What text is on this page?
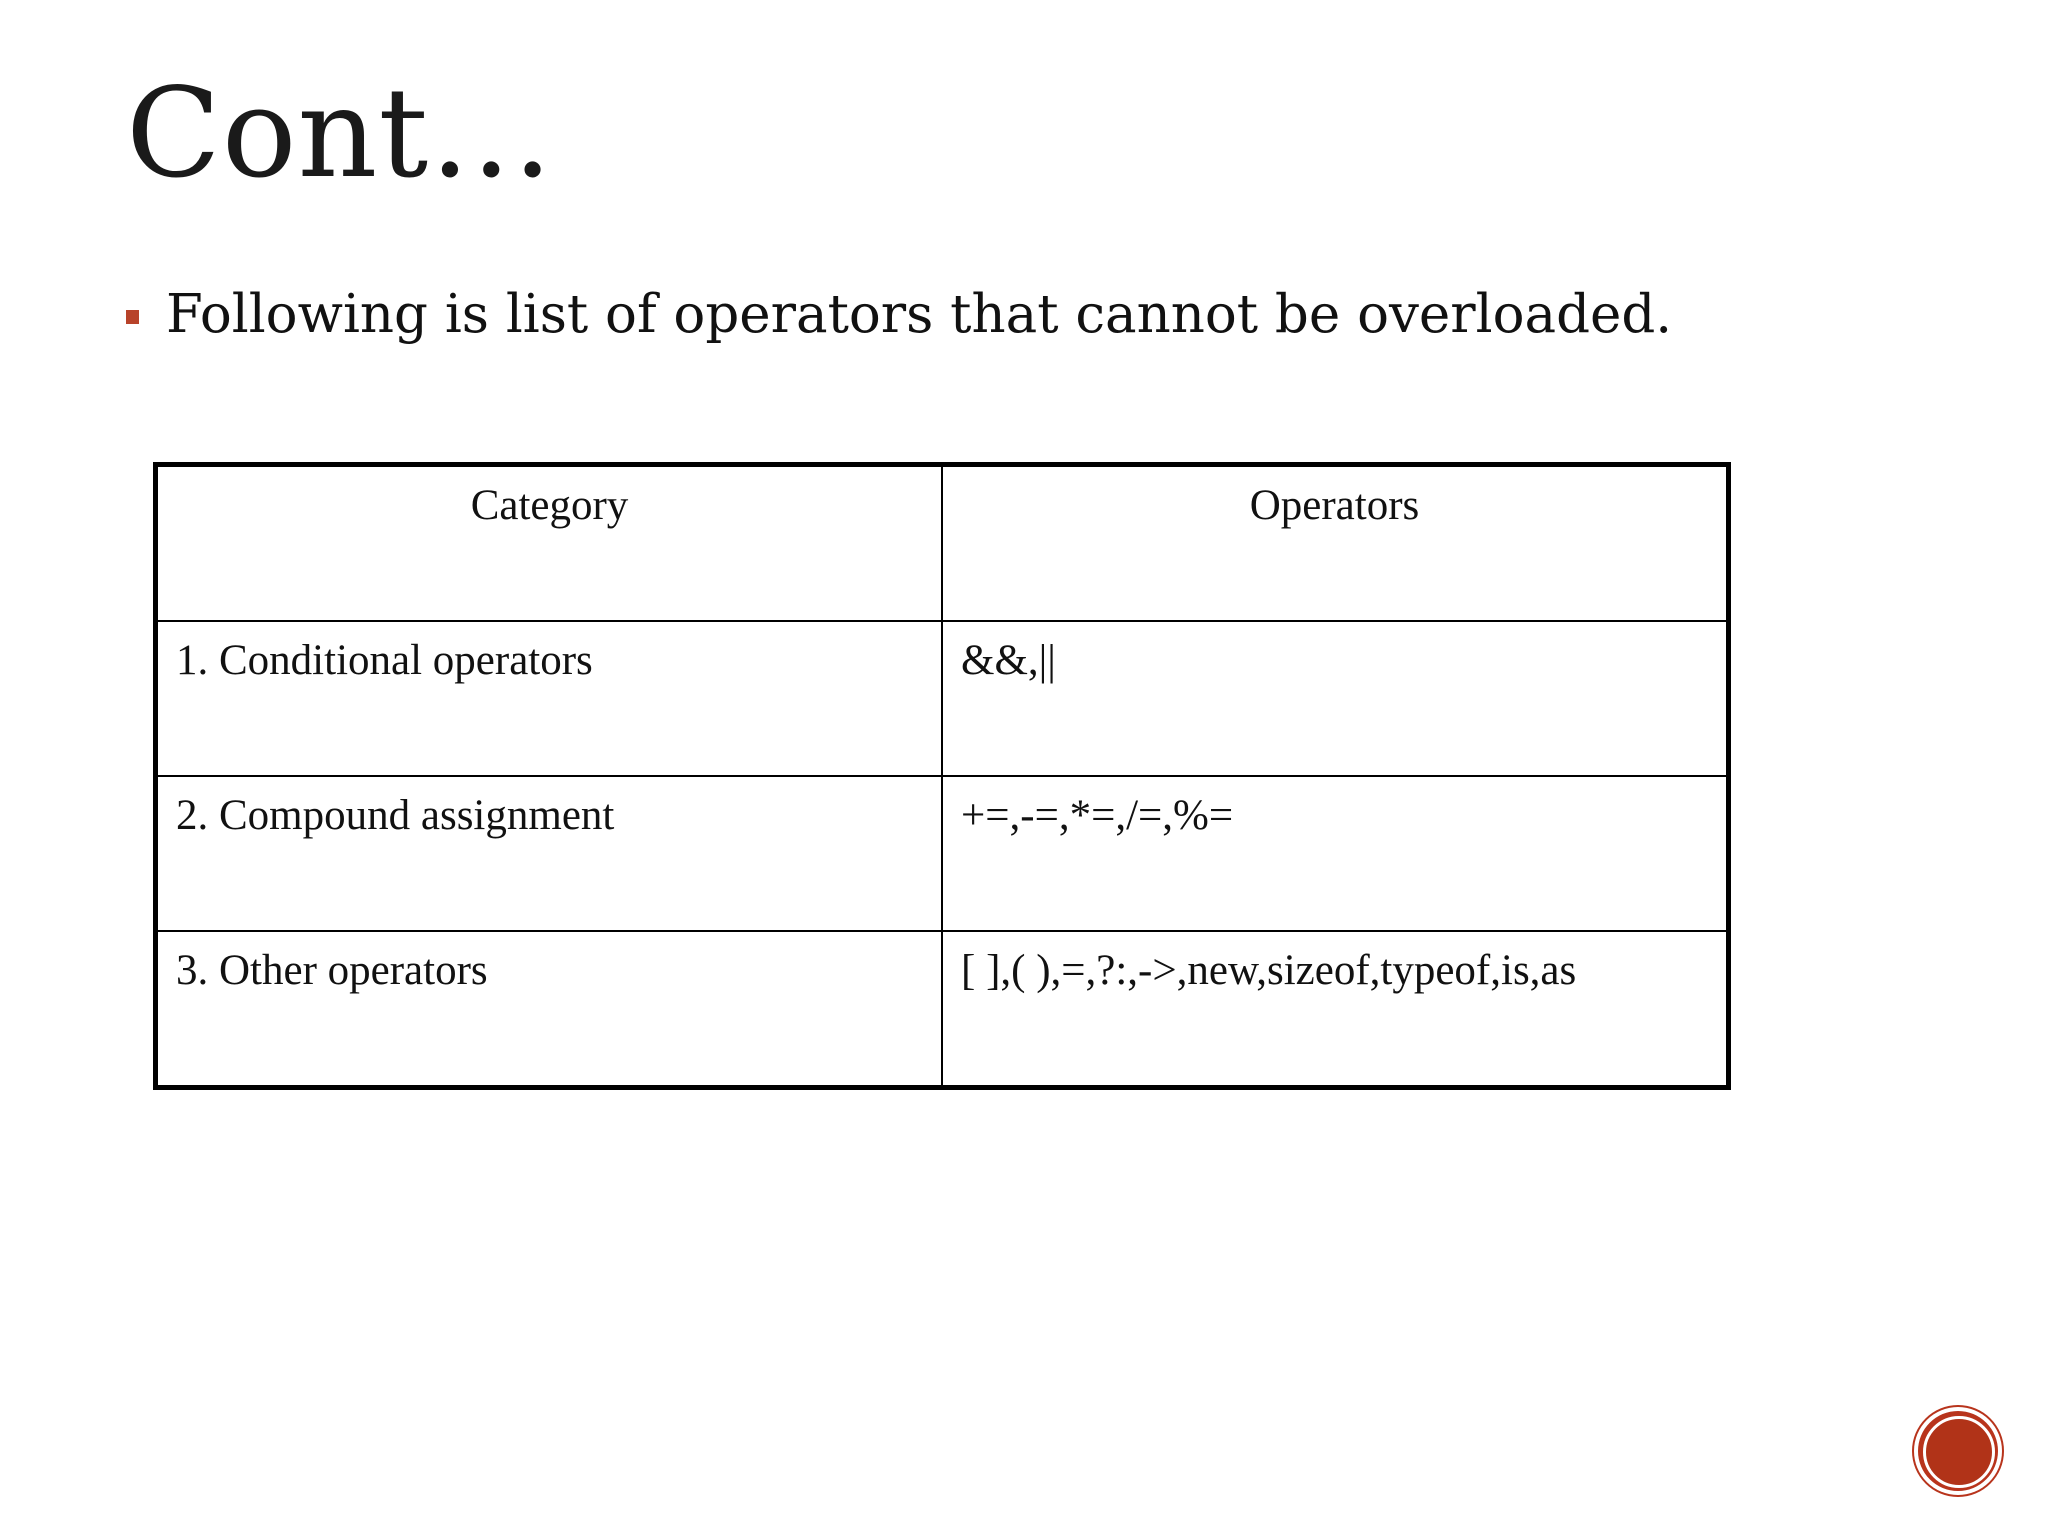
Cont…
Following is list of operators that cannot be overloaded.
Category	Operators
1. Conditional operators	&&,||
2. Compound assignment	+=,-=,*=,/=,%=
3. Other operators	[ ],( ),=,?:,->,new,sizeof,typeof,is,as
